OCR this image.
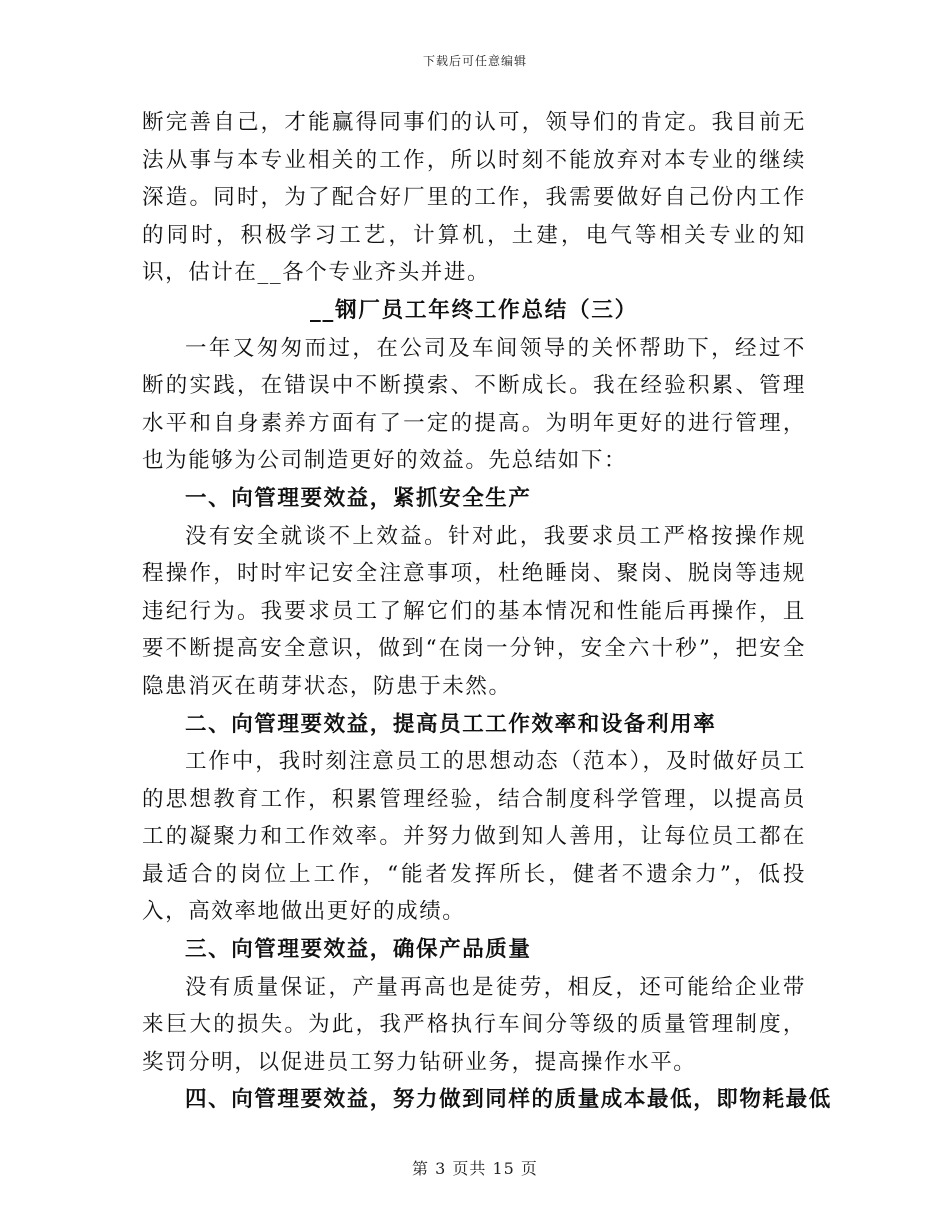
下载后可任意编辑

断完善自己，才能赢得同事们的认可，领导们的肯定。我目前无法从事与本专业相关的工作，所以时刻不能放弃对本专业的继续深造。同时，为了配合好厂里的工作，我需要做好自己份内工作的同时，积极学习工艺，计算机，土建，电气等相关专业的知识，估计在__各个专业齐头并进。

__钢厂员工年终工作总结（三）

一年又匆匆而过，在公司及车间领导的关怀帮助下，经过不断的实践，在错误中不断摸索、不断成长。我在经验积累、管理水平和自身素养方面有了一定的提高。为明年更好的进行管理，也为能够为公司制造更好的效益。先总结如下：

一、向管理要效益，紧抓安全生产

没有安全就谈不上效益。针对此，我要求员工严格按操作规程操作，时时牢记安全注意事项，杜绝睡岗、聚岗、脱岗等违规违纪行为。我要求员工了解它们的基本情况和性能后再操作，且要不断提高安全意识，做到“在岗一分钟，安全六十秒”，把安全隐患消灭在萌芽状态，防患于未然。

二、向管理要效益，提高员工工作效率和设备利用率

工作中，我时刻注意员工的思想动态（范本），及时做好员工的思想教育工作，积累管理经验，结合制度科学管理，以提高员工的凝聚力和工作效率。并努力做到知人善用，让每位员工都在最适合的岗位上工作，“能者发挥所长，健者不遗余力”，低投入，高效率地做出更好的成绩。

三、向管理要效益，确保产品质量

没有质量保证，产量再高也是徒劳，相反，还可能给企业带来巨大的损失。为此，我严格执行车间分等级的质量管理制度，奖罚分明，以促进员工努力钻研业务，提高操作水平。

四、向管理要效益，努力做到同样的质量成本最低，即物耗最低

第 3 页共 15 页
